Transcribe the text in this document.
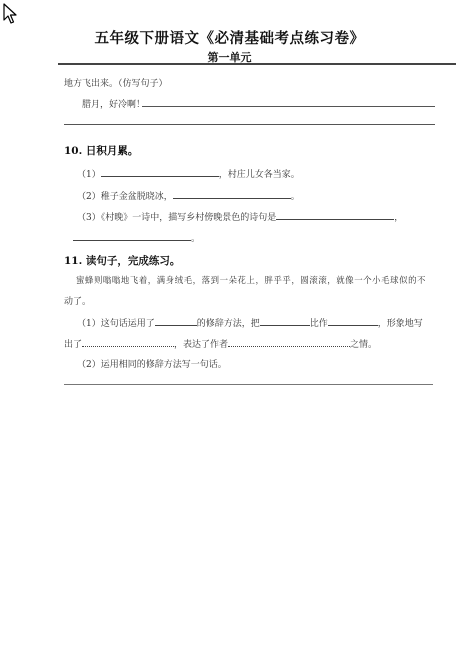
五年级下册语文《必清基础考点练习卷》
第一单元
地方飞出来。（仿写句子）
腊月，好冷啊！
10. 日积月累。
（1）	，村庄儿女各当家。
（2）稚子金盆脱晓冰，	。
（3）《村晚》一诗中，描写乡村傍晚景色的诗句是	，
。
11. 读句子，完成练习。
蜜蜂则嗡嗡地飞着，满身绒毛，落到一朵花上，胖乎乎，圆滚滚，就像一个小毛球似的不
动了。
（1）这句话运用了	的修辞方法，把	比作	，形象地写
出了	，表达了作者	之情。
（2）运用相同的修辞方法写一句话。
